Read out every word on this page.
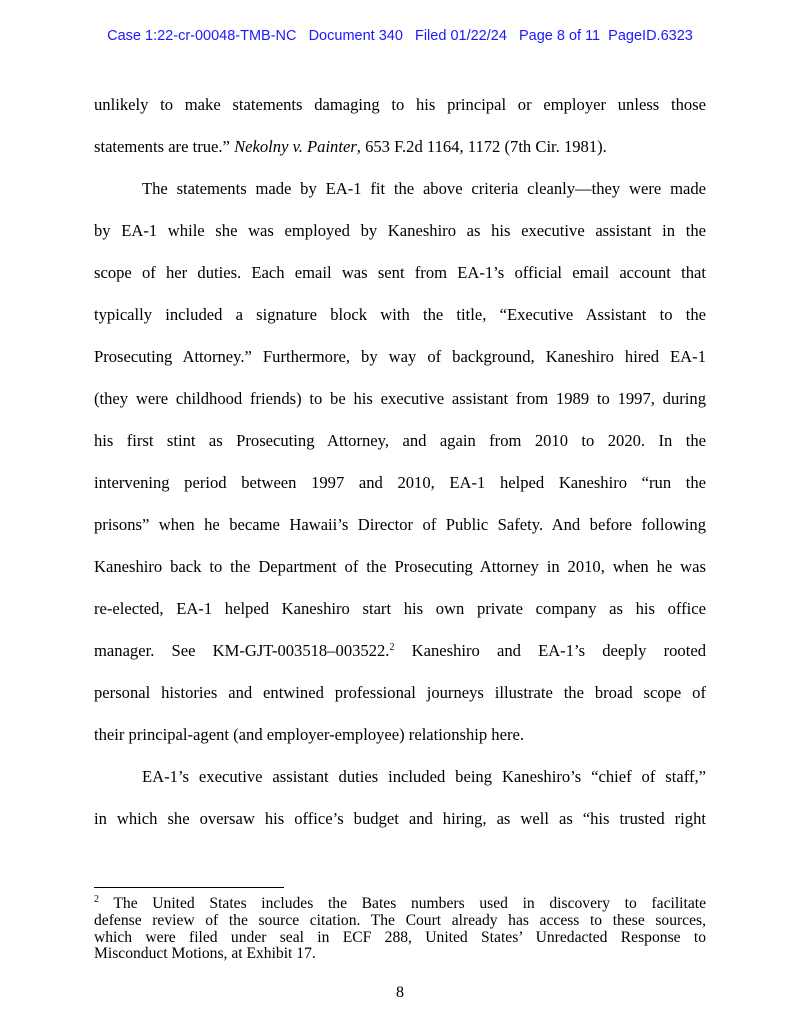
Case 1:22-cr-00048-TMB-NC   Document 340   Filed 01/22/24   Page 8 of 11  PageID.6323
unlikely to make statements damaging to his principal or employer unless those
statements are true.” Nekolny v. Painter, 653 F.2d 1164, 1172 (7th Cir. 1981).
The statements made by EA-1 fit the above criteria cleanly—they were made
by EA-1 while she was employed by Kaneshiro as his executive assistant in the
scope of her duties. Each email was sent from EA-1’s official email account that
typically included a signature block with the title, “Executive Assistant to the
Prosecuting Attorney.” Furthermore, by way of background, Kaneshiro hired EA-1
(they were childhood friends) to be his executive assistant from 1989 to 1997, during
his first stint as Prosecuting Attorney, and again from 2010 to 2020. In the
intervening period between 1997 and 2010, EA-1 helped Kaneshiro “run the
prisons” when he became Hawaii’s Director of Public Safety. And before following
Kaneshiro back to the Department of the Prosecuting Attorney in 2010, when he was
re-elected, EA-1 helped Kaneshiro start his own private company as his office
manager. See KM-GJT-003518–003522.$^2$ Kaneshiro and EA-1’s deeply rooted
personal histories and entwined professional journeys illustrate the broad scope of
their principal-agent (and employer-employee) relationship here.
EA-1’s executive assistant duties included being Kaneshiro’s “chief of staff,”
in which she oversaw his office’s budget and hiring, as well as “his trusted right
$^2$ The United States includes the Bates numbers used in discovery to facilitate
defense review of the source citation. The Court already has access to these sources,
which were filed under seal in ECF 288, United States’ Unredacted Response to
Misconduct Motions, at Exhibit 17.
8
